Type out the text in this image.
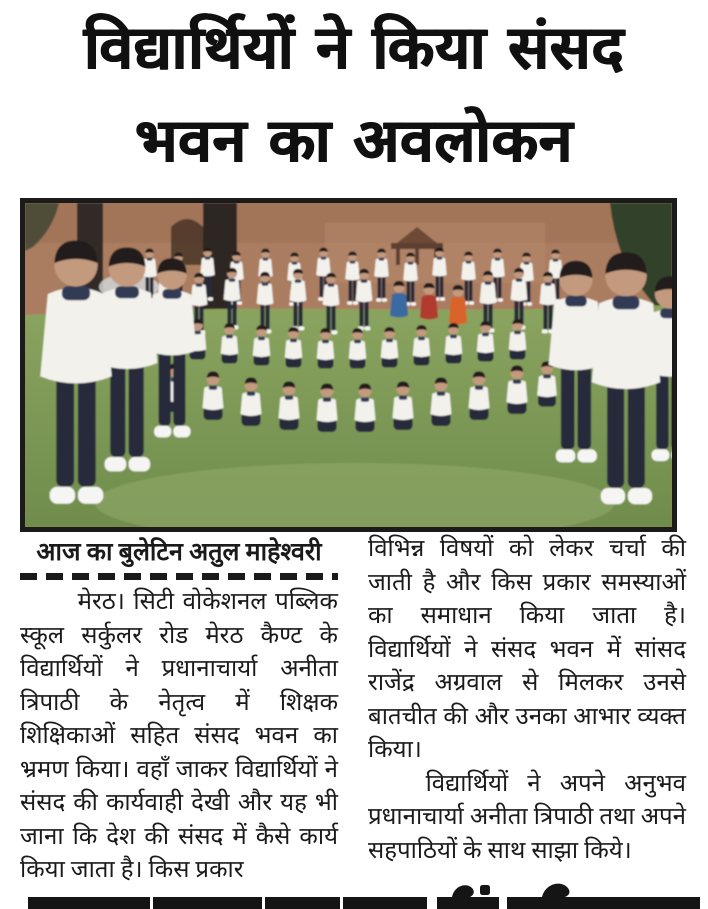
विद्यार्थियों ने किया संसद
भवन का अवलोकन

आज का बुलेटिन अतुल माहेश्वरी

मेरठ। सिटी वोकेशनल पब्लिक स्कूल सर्कुलर रोड मेरठ कैण्ट के विद्यार्थियों ने प्रधानाचार्या अनीता त्रिपाठी के नेतृत्व में शिक्षक शिक्षिकाओं सहित संसद भवन का भ्रमण किया। वहाँ जाकर विद्यार्थियों ने संसद की कार्यवाही देखी और यह भी जाना कि देश की संसद में कैसे कार्य किया जाता है। किस प्रकार

विभिन्न विषयों को लेकर चर्चा की जाती है और किस प्रकार समस्याओं का समाधान किया जाता है। विद्यार्थियों ने संसद भवन में सांसद राजेंद्र अग्रवाल से मिलकर उनसे बातचीत की और उनका आभार व्यक्त किया।

विद्यार्थियों ने अपने अनुभव प्रधानाचार्या अनीता त्रिपाठी तथा अपने सहपाठियों के साथ साझा किये।
